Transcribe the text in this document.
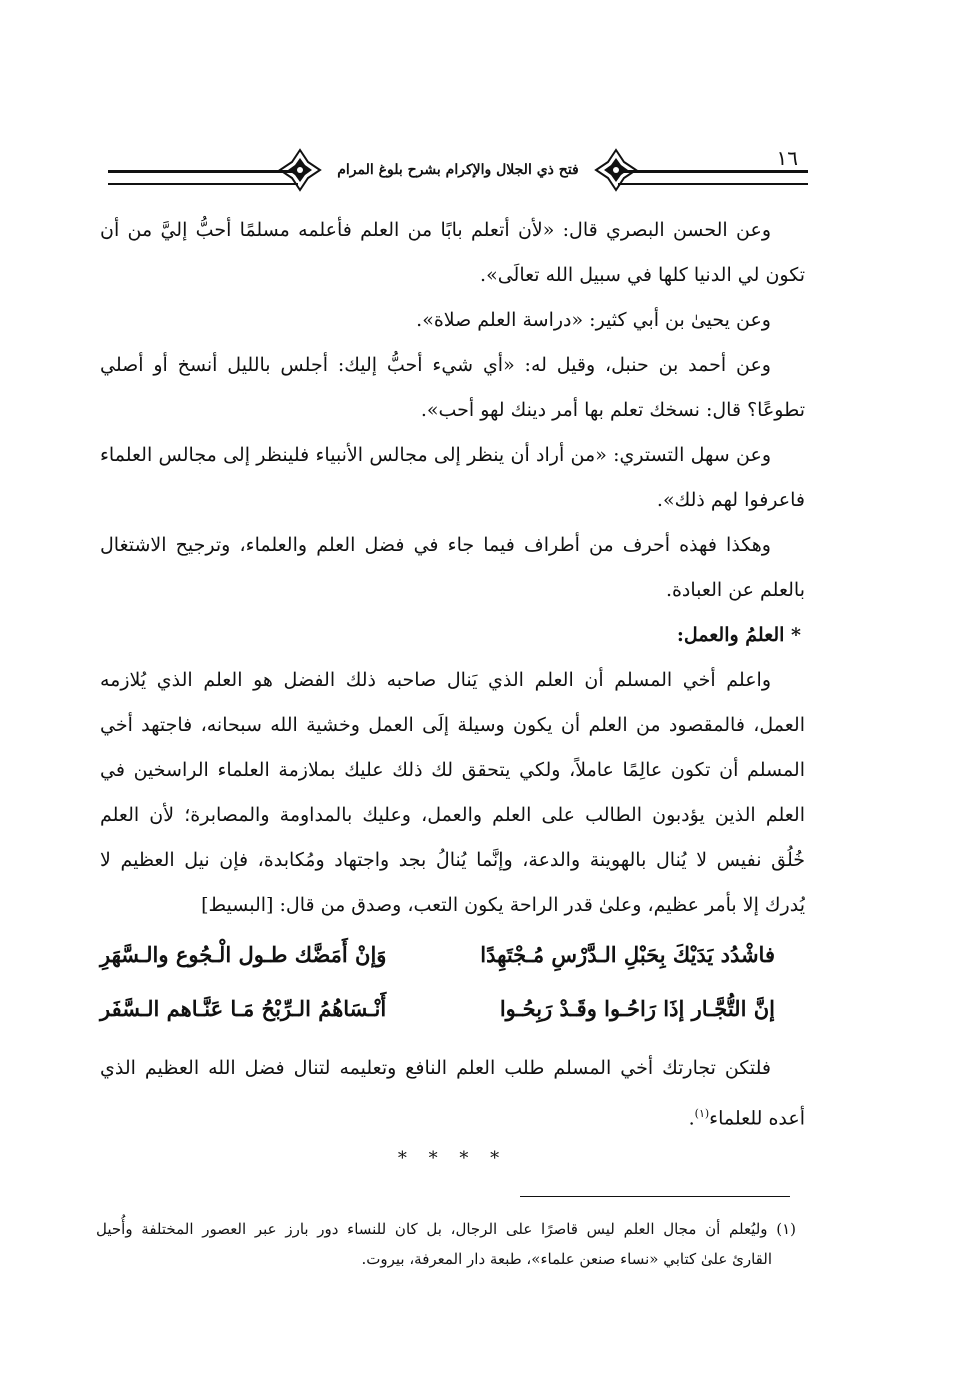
فتح ذي الجلال والإكرام بشرح بلوغ المرام	١٦
وعن الحسن البصري قال: «لأن أتعلم بابًا من العلم فأعلمه مسلمًا أحبُّ إليَّ من أن
تكون لي الدنيا كلها في سبيل الله تعالَى».
وعن يحيىٰ بن أبي كثير: «دراسة العلم صلاة».
وعن أحمد بن حنبل، وقيل له: «أي شيء أحبُّ إليك: أجلس بالليل أنسخ أو أصلي
تطوعًا؟ قال: نسخك تعلم بها أمر دينك لهو أحب».
وعن سهل التستري: «من أراد أن ينظر إلى مجالس الأنبياء فلينظر إلى مجالس العلماء
فاعرفوا لهم ذلك».
وهكذا فهذه أحرف من أطراف فيما جاء في فضل العلم والعلماء، وترجيح الاشتغال
بالعلم عن العبادة.
* العلمُ والعمل:
واعلم أخي المسلم أن العلم الذي يَنال صاحبه ذلك الفضل هو العلم الذي يُلازمه
العمل، فالمقصود من العلم أن يكون وسيلة إلَى العمل وخشية الله سبحانه، فاجتهد أخي
المسلم أن تكون عالِمًا عاملاً، ولكي يتحقق لك ذلك عليك بملازمة العلماء الراسخين في
العلم الذين يؤدبون الطالب على العلم والعمل، وعليك بالمداومة والمصابرة؛ لأن العلم
خُلُق نفيس لا يُنال بالهوينة والدعة، وإنَّما يُنالُ بجد واجتهاد ومُكابدة، فإن نيل العظيم لا
يُدرك إلا بأمر عظيم، وعلىٰ قدر الراحة يكون التعب، وصدق من قال: [البسيط]
فاشْدُد يَدَيْكَ بِحَبْلِ الـدَّرْسِ مُـجْتَهِدًا
وَإنْ أَمَضَّك طـول الْـجُوع والـسَّهَرِ
إنَّ التُّجَّـار إذَا رَاحُـوا وقَـدْ رَبِحُـوا
أَنْـسَاهُمُ الـرِّبْحُ مَـا عَنَّـاهم الـسَّفَر
فلتكن تجارتك أخي المسلم طلب العلم النافع وتعليمه لتنال فضل الله العظيم الذي
أعده للعلماء$^{(١)}$.
* * * *
(١) وليُعلم أن مجال العلم ليس قاصرًا على الرجال، بل كان للنساء دور بارز عبر العصور المختلفة وأُحيل
القارئ علىٰ كتابي «نساء صنعن علماء»، طبعة دار المعرفة، بيروت.
